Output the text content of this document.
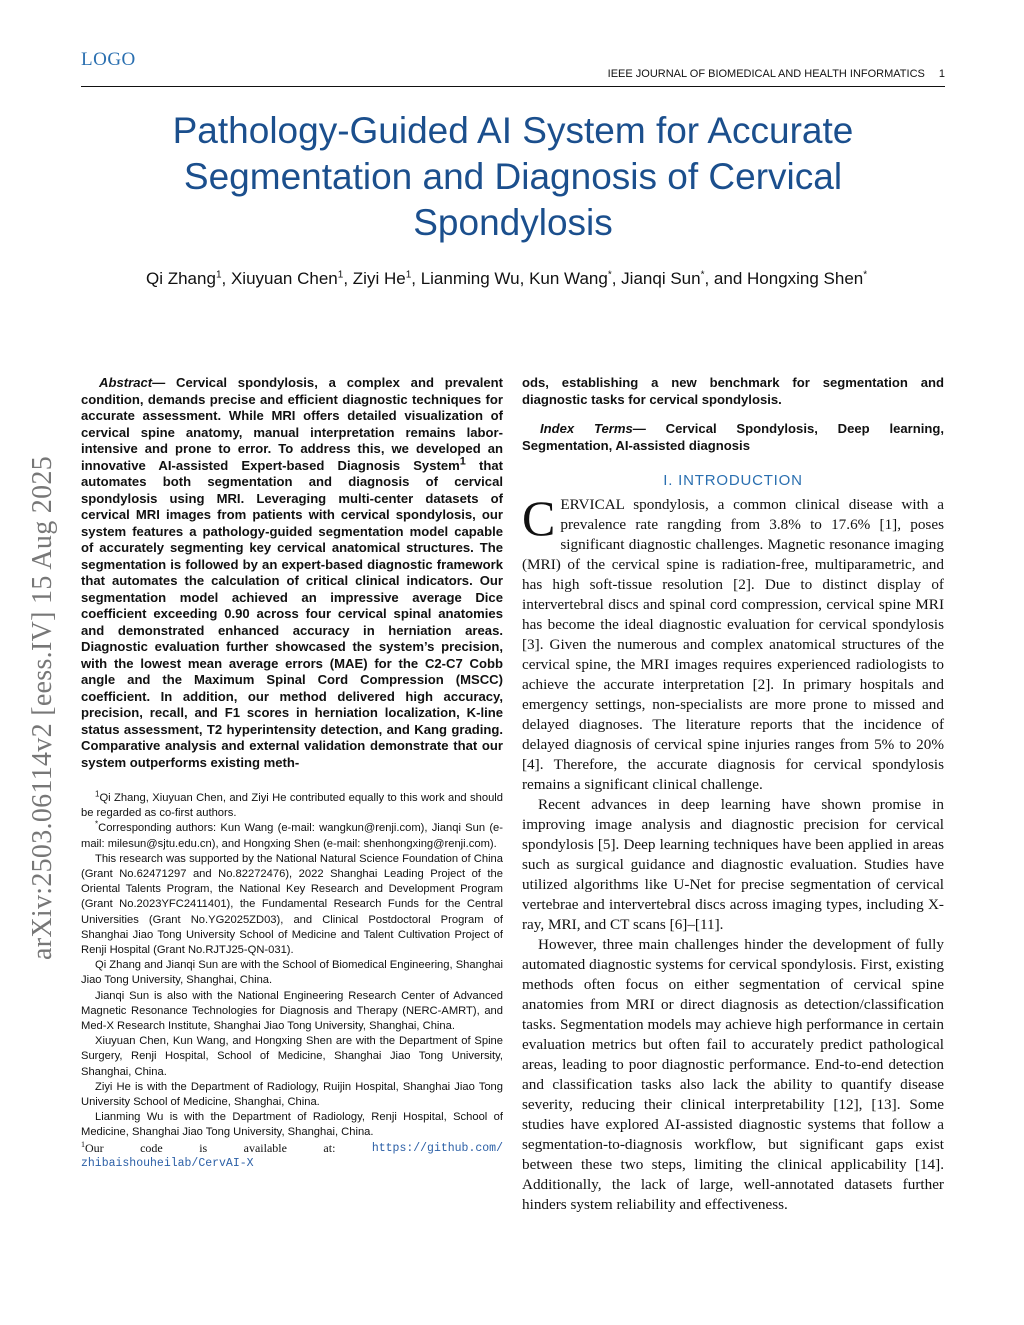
LOGO
IEEE JOURNAL OF BIOMEDICAL AND HEALTH INFORMATICS 1
Pathology-Guided AI System for Accurate Segmentation and Diagnosis of Cervical Spondylosis
Qi Zhang$^1$, Xiuyuan Chen$^1$, Ziyi He$^1$, Lianming Wu, Kun Wang*, Jianqi Sun*, and Hongxing Shen*
arXiv:2503.06114v2 [eess.IV] 15 Aug 2025

Abstract— Cervical spondylosis, a complex and prevalent condition, demands precise and efficient diagnostic techniques for accurate assessment. While MRI offers detailed visualization of cervical spine anatomy, manual interpretation remains labor-intensive and prone to error. To address this, we developed an innovative AI-assisted Expert-based Diagnosis System$^1$ that automates both segmentation and diagnosis of cervical spondylosis using MRI. Leveraging multi-center datasets of cervical MRI images from patients with cervical spondylosis, our system features a pathology-guided segmentation model capable of accurately segmenting key cervical anatomical structures. The segmentation is followed by an expert-based diagnostic framework that automates the calculation of critical clinical indicators. Our segmentation model achieved an impressive average Dice coefficient exceeding 0.90 across four cervical spinal anatomies and demonstrated enhanced accuracy in herniation areas. Diagnostic evaluation further showcased the system’s precision, with the lowest mean average errors (MAE) for the C2-C7 Cobb angle and the Maximum Spinal Cord Compression (MSCC) coefficient. In addition, our method delivered high accuracy, precision, recall, and F1 scores in herniation localization, K-line status assessment, T2 hyperintensity detection, and Kang grading. Comparative analysis and external validation demonstrate that our system outperforms existing meth-

$^1$Qi Zhang, Xiuyuan Chen, and Ziyi He contributed equally to this work and should be regarded as co-first authors.

*Corresponding authors: Kun Wang (e-mail: wangkun@renji.com), Jianqi Sun (e-mail: milesun@sjtu.edu.cn), and Hongxing Shen (e-mail: shenhongxing@renji.com).

This research was supported by the National Natural Science Foundation of China (Grant No.62471297 and No.82272476), 2022 Shanghai Leading Project of the Oriental Talents Program, the National Key Research and Development Program (Grant No.2023YFC2411401), the Fundamental Research Funds for the Central Universities (Grant No.YG2025ZD03), and Clinical Postdoctoral Program of Shanghai Jiao Tong University School of Medicine and Talent Cultivation Project of Renji Hospital (Grant No.RJTJ25-QN-031).

Qi Zhang and Jianqi Sun are with the School of Biomedical Engineering, Shanghai Jiao Tong University, Shanghai, China.

Jianqi Sun is also with the National Engineering Research Center of Advanced Magnetic Resonance Technologies for Diagnosis and Therapy (NERC-AMRT), and Med-X Research Institute, Shanghai Jiao Tong University, Shanghai, China.

Xiuyuan Chen, Kun Wang, and Hongxing Shen are with the Department of Spine Surgery, Renji Hospital, School of Medicine, Shanghai Jiao Tong University, Shanghai, China.

Ziyi He is with the Department of Radiology, Ruijin Hospital, Shanghai Jiao Tong University School of Medicine, Shanghai, China.

Lianming Wu is with the Department of Radiology, Renji Hospital, School of Medicine, Shanghai Jiao Tong University, Shanghai, China.

$^1$Our	code	is	available	at:	https://github.com/
zhibaishouheilab/CervAI-X

ods, establishing a new benchmark for segmentation and diagnostic tasks for cervical spondylosis.

Index Terms— Cervical Spondylosis, Deep learning, Segmentation, AI-assisted diagnosis

I. INTRODUCTION

CERVICAL spondylosis, a common clinical disease with a prevalence rate rangding from 3.8% to 17.6% [1], poses significant diagnostic challenges. Magnetic resonance imaging (MRI) of the cervical spine is radiation-free, multiparametric, and has high soft-tissue resolution [2]. Due to distinct display of intervertebral discs and spinal cord compression, cervical spine MRI has become the ideal diagnostic evaluation for cervical spondylosis [3]. Given the numerous and complex anatomical structures of the cervical spine, the MRI images requires experienced radiologists to achieve the accurate interpretation [2]. In primary hospitals and emergency settings, non-specialists are more prone to missed and delayed diagnoses. The literature reports that the incidence of delayed diagnosis of cervical spine injuries ranges from 5% to 20% [4]. Therefore, the accurate diagnosis for cervical spondylosis remains a significant clinical challenge.

Recent advances in deep learning have shown promise in improving image analysis and diagnostic precision for cervical spondylosis [5]. Deep learning techniques have been applied in areas such as surgical guidance and diagnostic evaluation. Studies have utilized algorithms like U-Net for precise segmentation of cervical vertebrae and intervertebral discs across imaging types, including X-ray, MRI, and CT scans [6]–[11].

However, three main challenges hinder the development of fully automated diagnostic systems for cervical spondylosis. First, existing methods often focus on either segmentation of cervical spine anatomies from MRI or direct diagnosis as detection/classification tasks. Segmentation models may achieve high performance in certain evaluation metrics but often fail to accurately predict pathological areas, leading to poor diagnostic performance. End-to-end detection and classification tasks also lack the ability to quantify disease severity, reducing their clinical interpretability [12], [13]. Some studies have explored AI-assisted diagnostic systems that follow a segmentation-to-diagnosis workflow, but significant gaps exist between these two steps, limiting the clinical applicability [14]. Additionally, the lack of large, well-annotated datasets further hinders system reliability and effectiveness.
